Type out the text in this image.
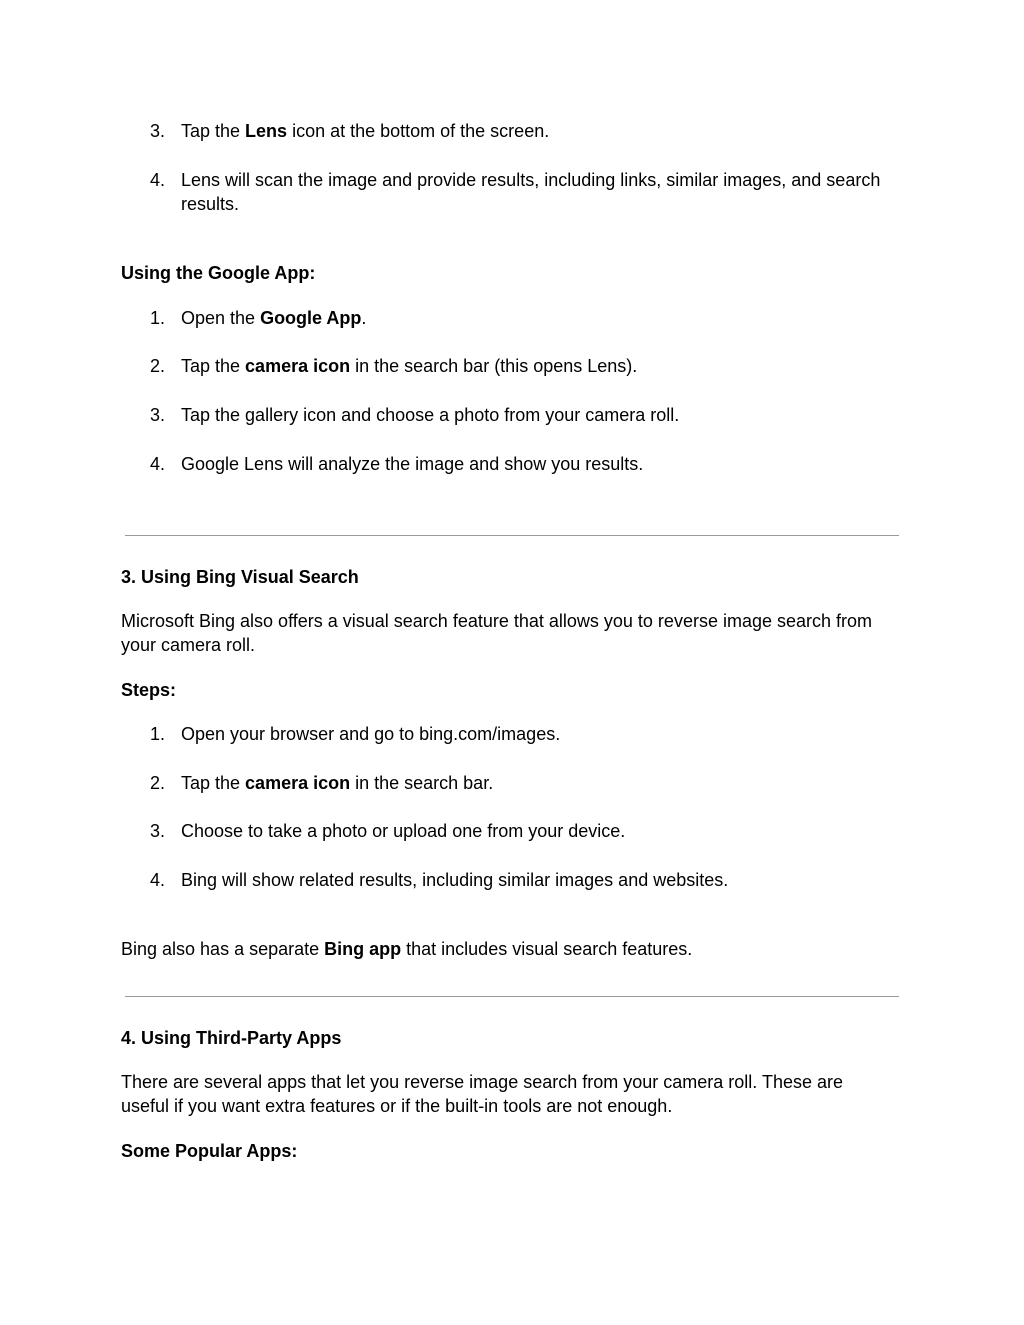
3. Tap the Lens icon at the bottom of the screen.
4. Lens will scan the image and provide results, including links, similar images, and search
results.
Using the Google App:
1. Open the Google App.
2. Tap the camera icon in the search bar (this opens Lens).
3. Tap the gallery icon and choose a photo from your camera roll.
4. Google Lens will analyze the image and show you results.
3. Using Bing Visual Search
Microsoft Bing also offers a visual search feature that allows you to reverse image search from
your camera roll.
Steps:
1. Open your browser and go to bing.com/images.
2. Tap the camera icon in the search bar.
3. Choose to take a photo or upload one from your device.
4. Bing will show related results, including similar images and websites.
Bing also has a separate Bing app that includes visual search features.
4. Using Third-Party Apps
There are several apps that let you reverse image search from your camera roll. These are
useful if you want extra features or if the built-in tools are not enough.
Some Popular Apps:
